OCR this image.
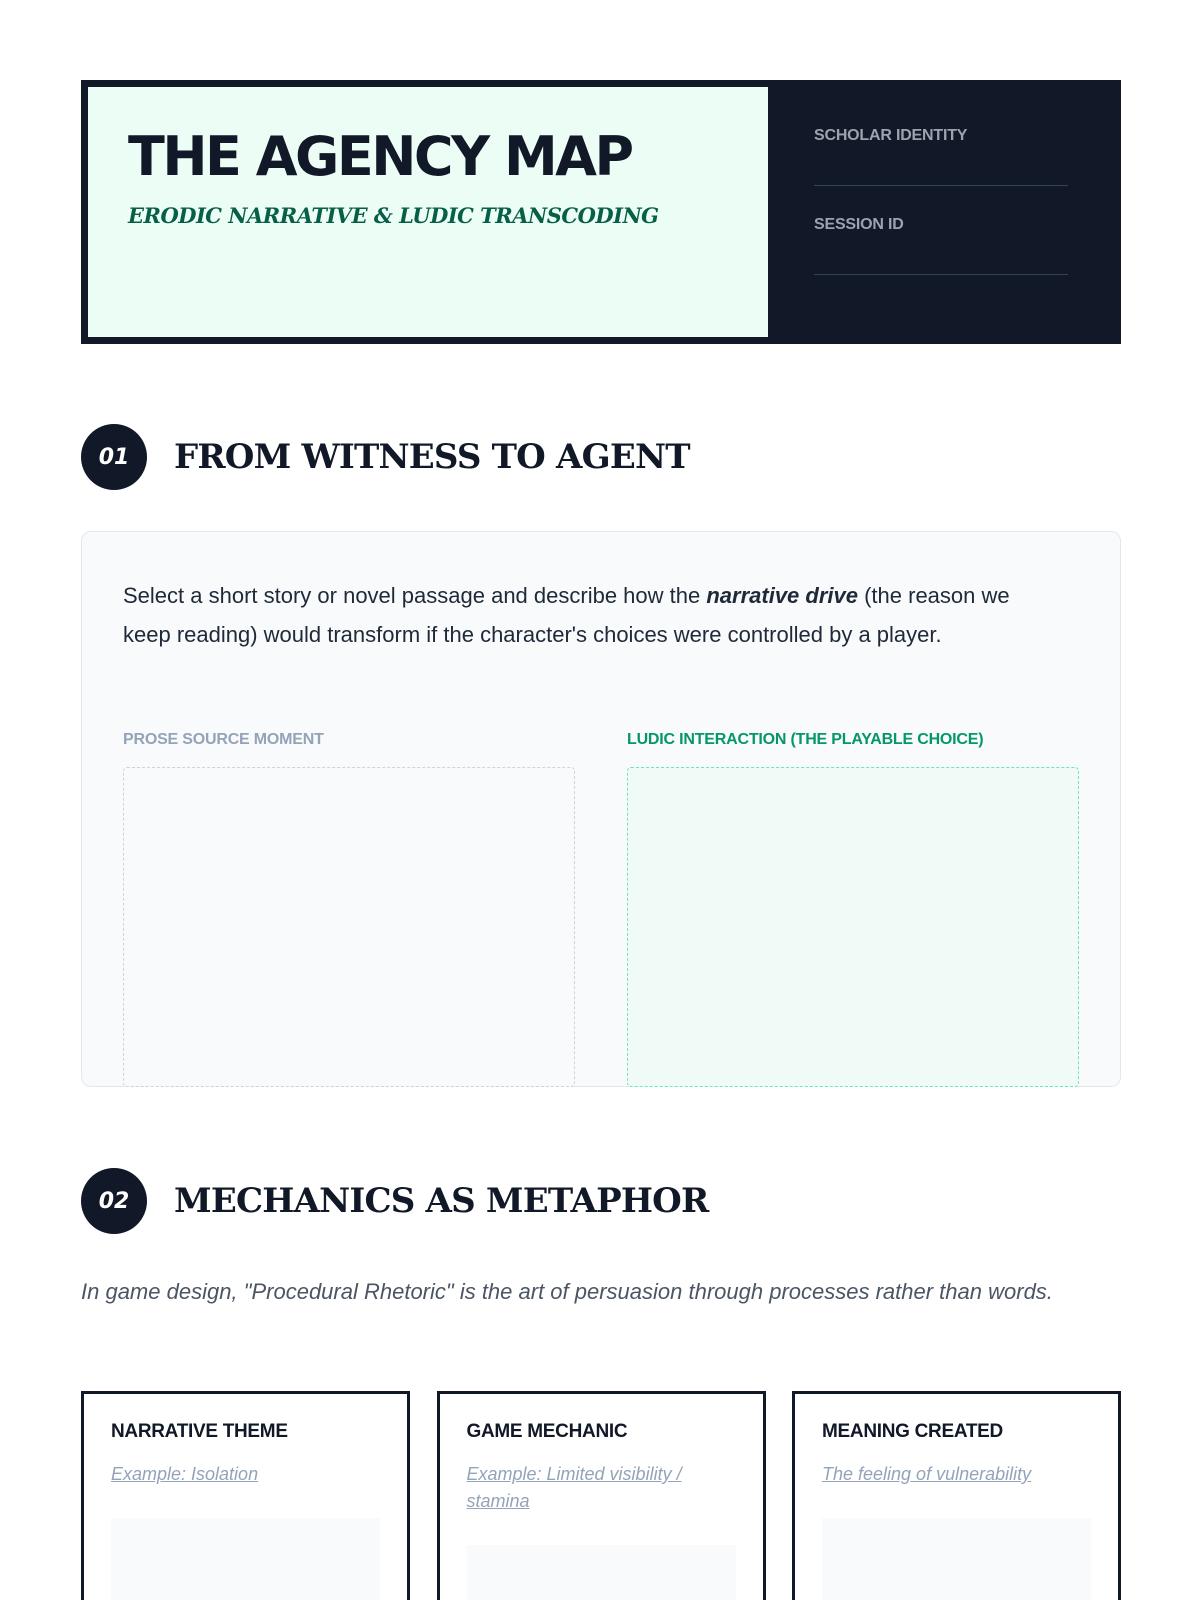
THE AGENCY MAP
ERODIC NARRATIVE & LUDIC TRANSCODING
SCHOLAR IDENTITY
SESSION ID
01	FROM WITNESS TO AGENT

Select a short story or novel passage and describe how the narrative drive (the reason we keep reading) would transform if the character's choices were controlled by a player.

PROSE SOURCE MOMENT	LUDIC INTERACTION (THE PLAYABLE CHOICE)
02	MECHANICS AS METAPHOR

In game design, "Procedural Rhetoric" is the art of persuasion through processes rather than words.

NARRATIVE THEME
Example: Isolation
GAME MECHANIC
Example: Limited visibility / stamina
MEANING CREATED
The feeling of vulnerability
